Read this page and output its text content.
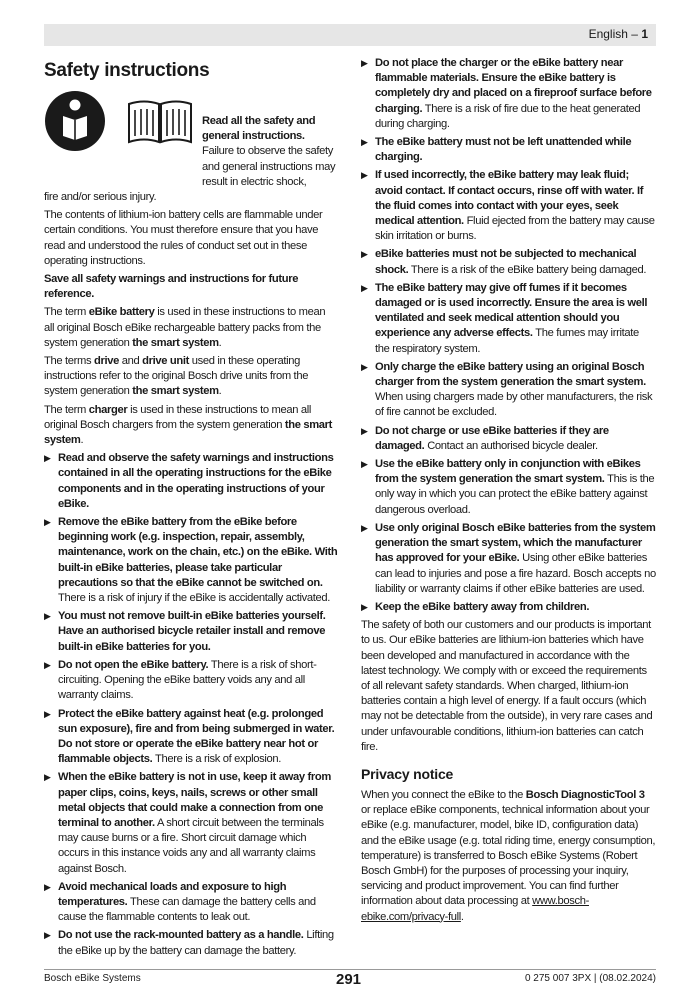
English – 1
Safety instructions
Read all the safety and general instructions. Failure to observe the safety and general instructions may result in electric shock,

fire and/or serious injury.

The contents of lithium-ion battery cells are flammable under certain conditions. You must therefore ensure that you have read and understood the rules of conduct set out in these operating instructions.

Save all safety warnings and instructions for future reference.

The term eBike battery is used in these instructions to mean all original Bosch eBike rechargeable battery packs from the system generation the smart system.

The terms drive and drive unit used in these operating instructions refer to the original Bosch drive units from the system generation the smart system.

The term charger is used in these instructions to mean all original Bosch chargers from the system generation the smart system.

▶ Read and observe the safety warnings and instructions contained in all the operating instructions for the eBike components and in the operating instructions of your eBike.
▶ Remove the eBike battery from the eBike before beginning work (e.g. inspection, repair, assembly, maintenance, work on the chain, etc.) on the eBike. With built-in eBike batteries, please take particular precautions so that the eBike cannot be switched on. There is a risk of injury if the eBike is accidentally activated.
▶ You must not remove built-in eBike batteries yourself. Have an authorised bicycle retailer install and remove built-in eBike batteries for you.
▶ Do not open the eBike battery. There is a risk of short-circuiting. Opening the eBike battery voids any and all warranty claims.
▶ Protect the eBike battery against heat (e.g. prolonged sun exposure), fire and from being submerged in water. Do not store or operate the eBike battery near hot or flammable objects. There is a risk of explosion.
▶ When the eBike battery is not in use, keep it away from paper clips, coins, keys, nails, screws or other small metal objects that could make a connection from one terminal to another. A short circuit between the terminals may cause burns or a fire. Short circuit damage which occurs in this instance voids any and all warranty claims against Bosch.
▶ Avoid mechanical loads and exposure to high temperatures. These can damage the battery cells and cause the flammable contents to leak out.
▶ Do not use the rack-mounted battery as a handle. Lifting the eBike up by the battery can damage the battery.
▶ Do not place the charger or the eBike battery near flammable materials. Ensure the eBike battery is completely dry and placed on a fireproof surface before charging. There is a risk of fire due to the heat generated during charging.
▶ The eBike battery must not be left unattended while charging.
▶ If used incorrectly, the eBike battery may leak fluid; avoid contact. If contact occurs, rinse off with water. If the fluid comes into contact with your eyes, seek medical attention. Fluid ejected from the battery may cause skin irritation or burns.
▶ eBike batteries must not be subjected to mechanical shock. There is a risk of the eBike battery being damaged.
▶ The eBike battery may give off fumes if it becomes damaged or is used incorrectly. Ensure the area is well ventilated and seek medical attention should you experience any adverse effects. The fumes may irritate the respiratory system.
▶ Only charge the eBike battery using an original Bosch charger from the system generation the smart system. When using chargers made by other manufacturers, the risk of fire cannot be excluded.
▶ Do not charge or use eBike batteries if they are damaged. Contact an authorised bicycle dealer.
▶ Use the eBike battery only in conjunction with eBikes from the system generation the smart system. This is the only way in which you can protect the eBike battery against dangerous overload.
▶ Use only original Bosch eBike batteries from the system generation the smart system, which the manufacturer has approved for your eBike. Using other eBike batteries can lead to injuries and pose a fire hazard. Bosch accepts no liability or warranty claims if other eBike batteries are used.
▶ Keep the eBike battery away from children.

The safety of both our customers and our products is important to us. Our eBike batteries are lithium-ion batteries which have been developed and manufactured in accordance with the latest technology. We comply with or exceed the requirements of all relevant safety standards. When charged, lithium-ion batteries contain a high level of energy. If a fault occurs (which may not be detectable from the outside), in very rare cases and under unfavourable conditions, lithium-ion batteries can catch fire.

Privacy notice

When you connect the eBike to the Bosch DiagnosticTool 3 or replace eBike components, technical information about your eBike (e.g. manufacturer, model, bike ID, configuration data) and the eBike usage (e.g. total riding time, energy consumption, temperature) is transferred to Bosch eBike Systems (Robert Bosch GmbH) for the purposes of processing your inquiry, servicing and product improvement. You can find further information about data processing at www.bosch-ebike.com/privacy-full.

Bosch eBike Systems	291	0 275 007 3PX | (08.02.2024)
